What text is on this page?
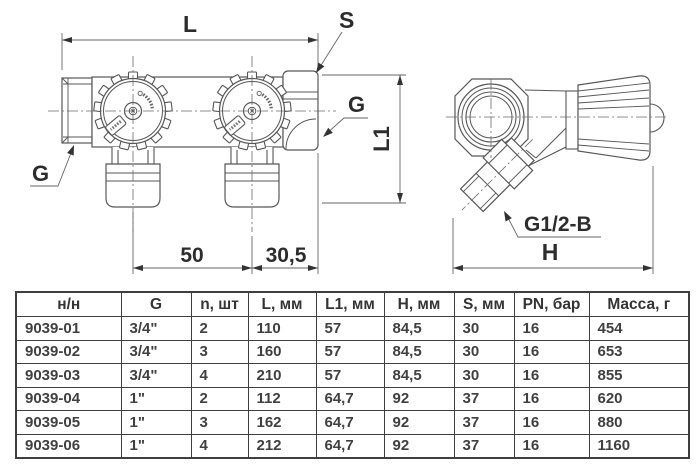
L	S
G
G
L1
50	30,5
G1/2-B
H
н/н	G	n, шт	L, мм	L1, мм	H, мм	S, мм	PN, бар	Масса, г
9039-01	3/4"	2	110	57	84,5	30	16	454
9039-02	3/4"	3	160	57	84,5	30	16	653
9039-03	3/4"	4	210	57	84,5	30	16	855
9039-04	1"	2	112	64,7	92	37	16	620
9039-05	1"	3	162	64,7	92	37	16	880
9039-06	1"	4	212	64,7	92	37	16	1160
